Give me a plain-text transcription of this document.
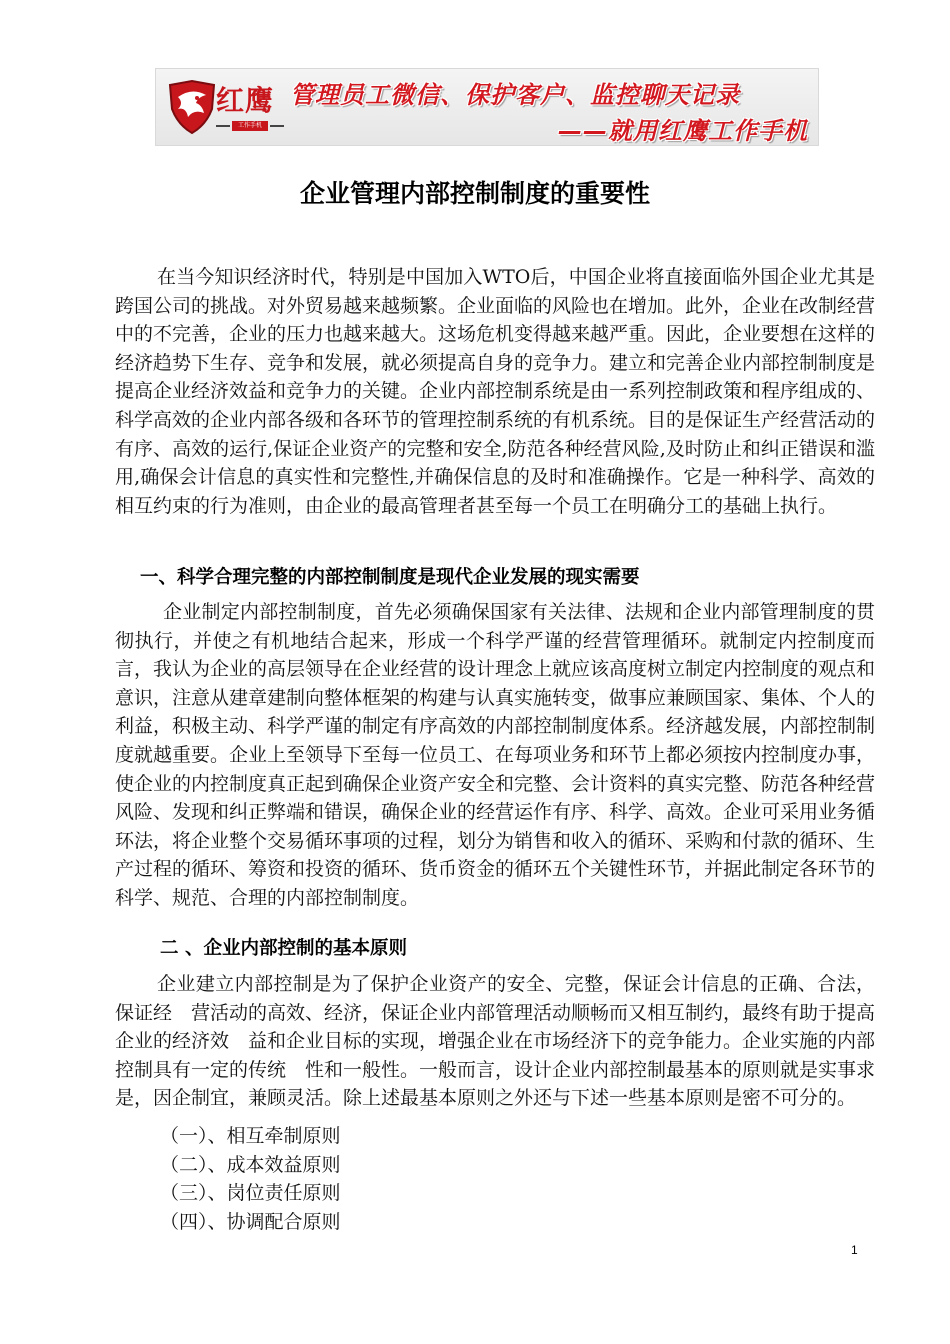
红鹰
工作手机
管理员工微信、保护客户、监控聊天记录
——就用红鹰工作手机
企业管理内部控制制度的重要性

在当今知识经济时代，特别是中国加入WTO后，中国企业将直接面临外国企业尤其是跨国公司的挑战。对外贸易越来越频繁。企业面临的风险也在增加。此外，企业在改制经营中的不完善，企业的压力也越来越大。这场危机变得越来越严重。因此，企业要想在这样的经济趋势下生存、竞争和发展，就必须提高自身的竞争力。建立和完善企业内部控制制度是提高企业经济效益和竞争力的关键。企业内部控制系统是由一系列控制政策和程序组成的、科学高效的企业内部各级和各环节的管理控制系统的有机系统。目的是保证生产经营活动的有序、高效的运行,保证企业资产的完整和安全,防范各种经营风险,及时防止和纠正错误和滥用,确保会计信息的真实性和完整性,并确保信息的及时和准确操作。它是一种科学、高效的相互约束的行为准则，由企业的最高管理者甚至每一个员工在明确分工的基础上执行。

一、科学合理完整的内部控制制度是现代企业发展的现实需要

企业制定内部控制制度，首先必须确保国家有关法律、法规和企业内部管理制度的贯彻执行，并使之有机地结合起来，形成一个科学严谨的经营管理循环。就制定内控制度而言，我认为企业的高层领导在企业经营的设计理念上就应该高度树立制定内控制度的观点和意识，注意从建章建制向整体框架的构建与认真实施转变，做事应兼顾国家、集体、个人的利益，积极主动、科学严谨的制定有序高效的内部控制制度体系。经济越发展，内部控制制度就越重要。企业上至领导下至每一位员工、在每项业务和环节上都必须按内控制度办事，使企业的内控制度真正起到确保企业资产安全和完整、会计资料的真实完整、防范各种经营风险、发现和纠正弊端和错误，确保企业的经营运作有序、科学、高效。企业可采用业务循环法，将企业整个交易循环事项的过程，划分为销售和收入的循环、采购和付款的循环、生产过程的循环、筹资和投资的循环、货币资金的循环五个关键性环节，并据此制定各环节的科学、规范、合理的内部控制制度。

二 、企业内部控制的基本原则

企业建立内部控制是为了保护企业资产的安全、完整，保证会计信息的正确、合法，保证经　营活动的高效、经济，保证企业内部管理活动顺畅而又相互制约，最终有助于提高企业的经济效　益和企业目标的实现，增强企业在市场经济下的竞争能力。企业实施的内部控制具有一定的传统　性和一般性。一般而言，设计企业内部控制最基本的原则就是实事求是，因企制宜，兼顾灵活。除上述最基本原则之外还与下述一些基本原则是密不可分的。

（一）、相互牵制原则
（二）、成本效益原则
（三）、岗位责任原则
（四）、协调配合原则
1
